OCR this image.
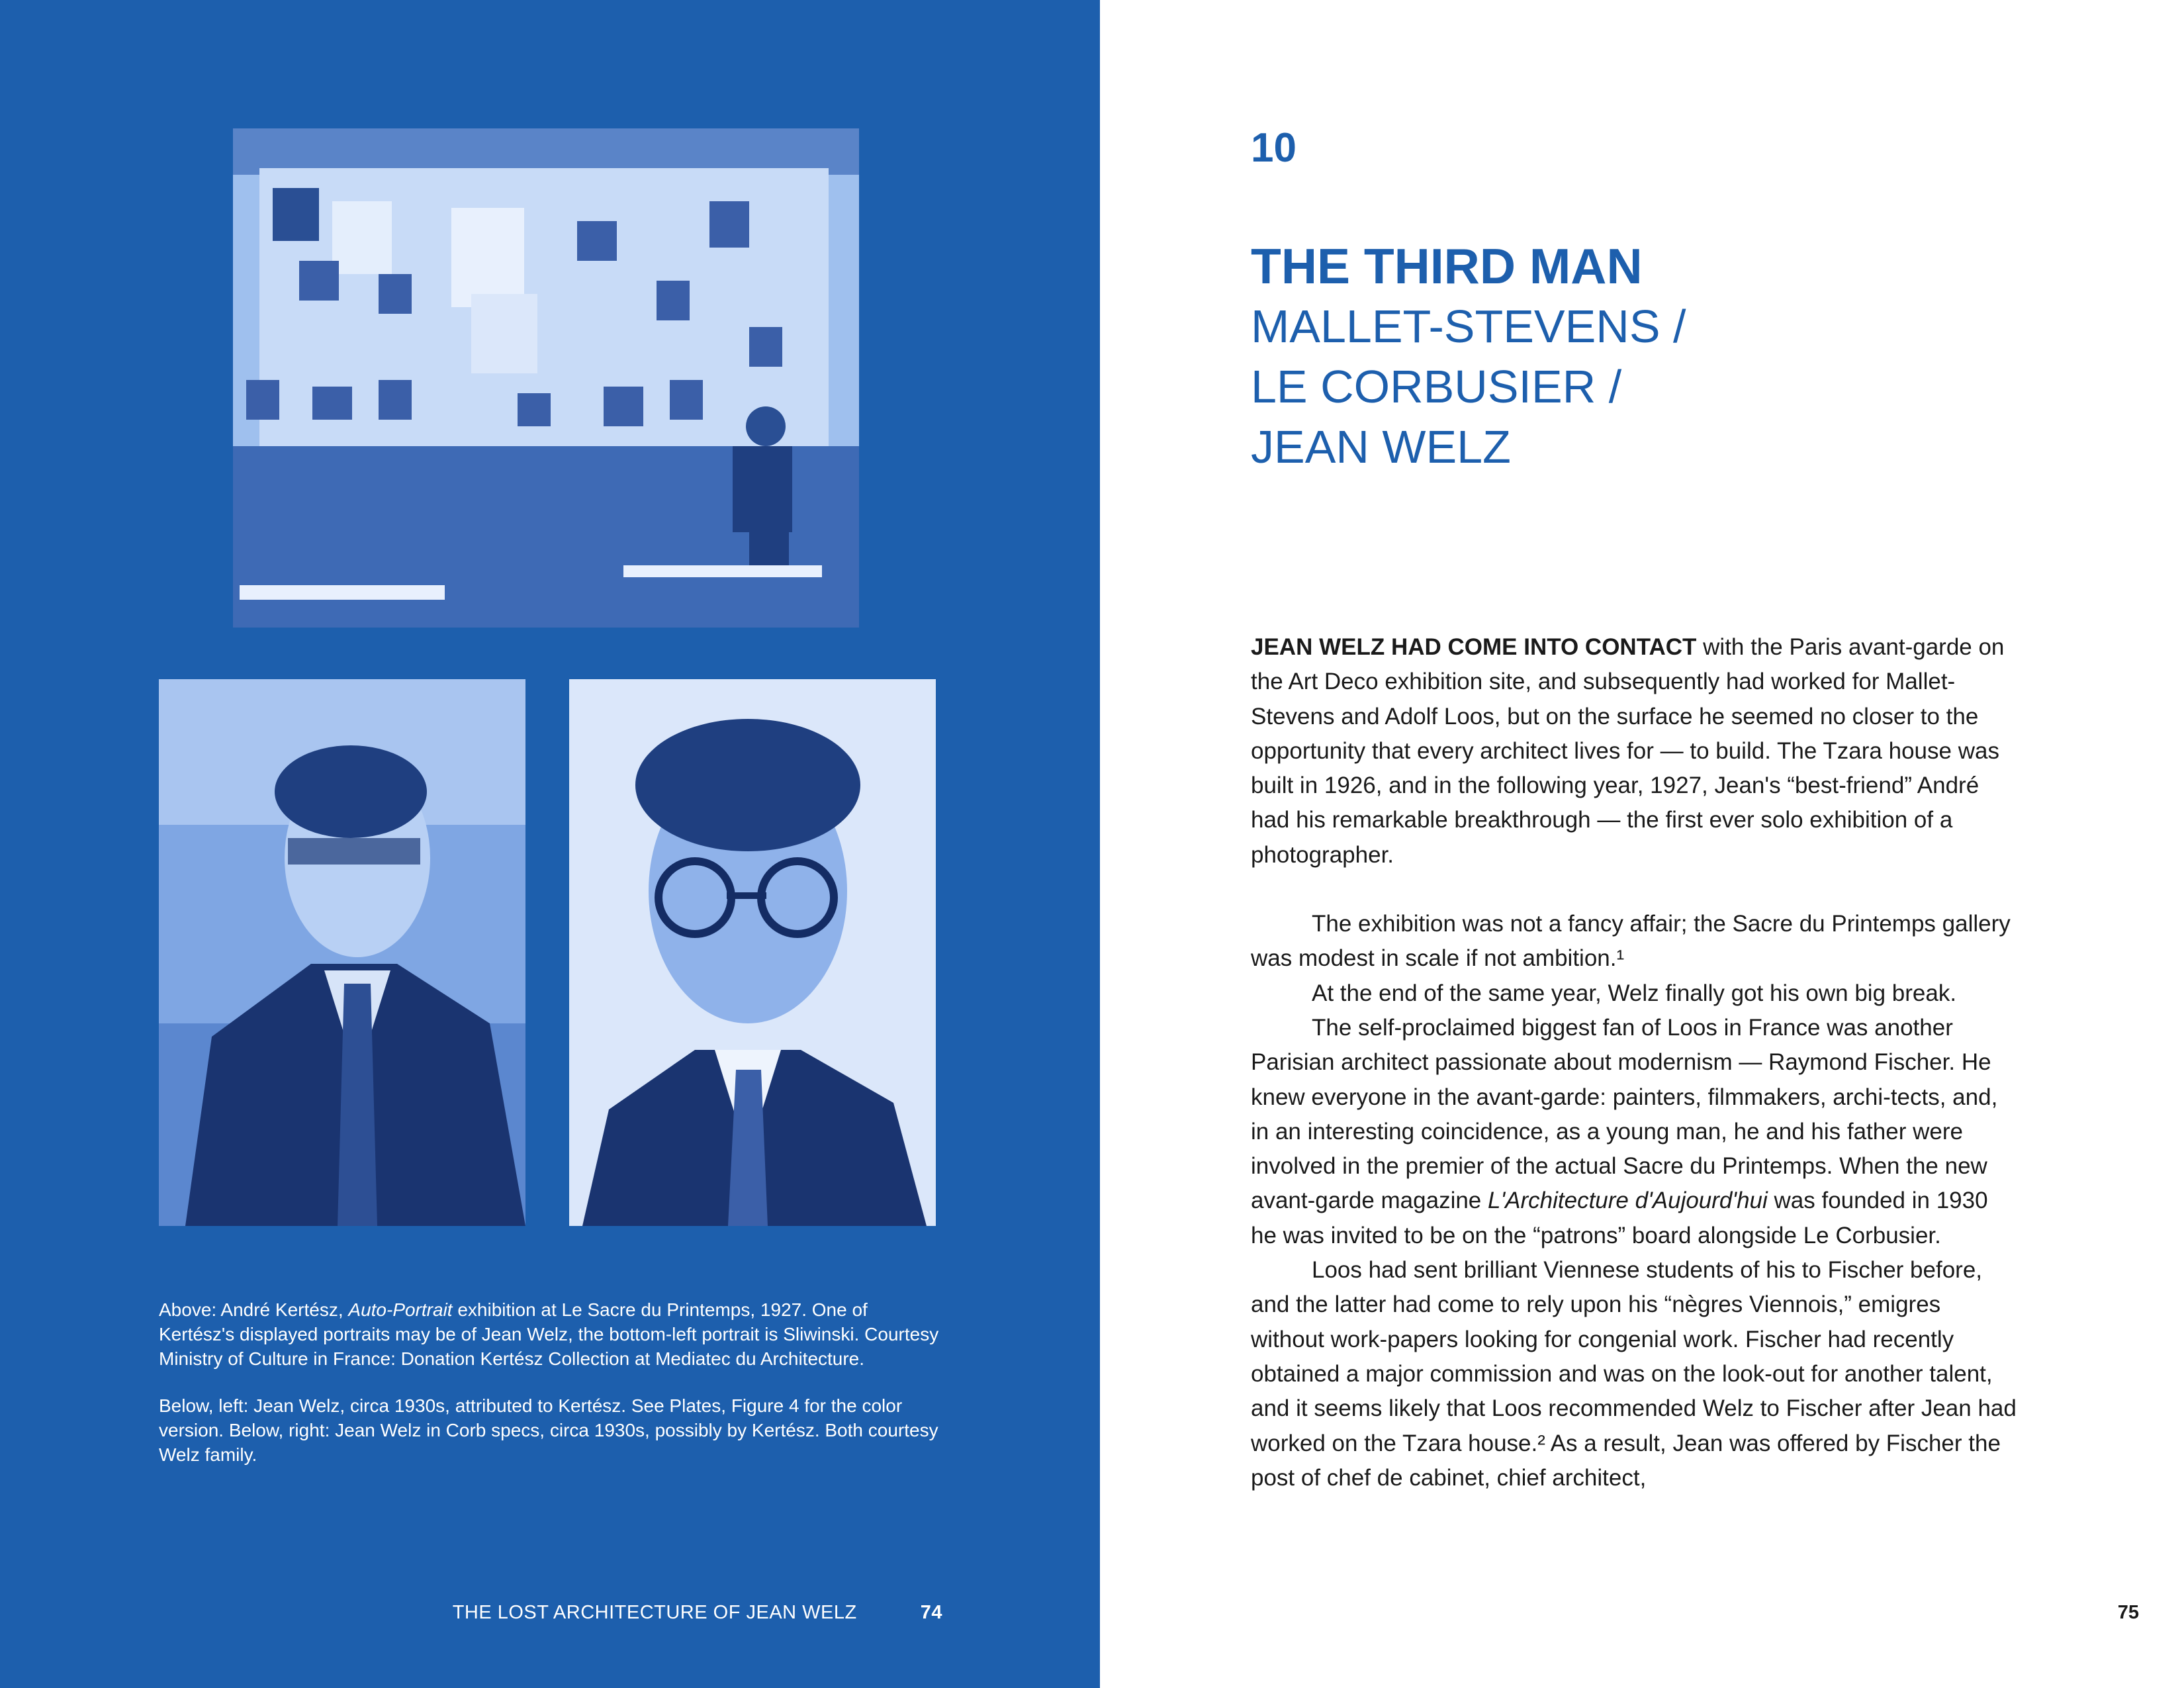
Above: André Kertész, Auto-Portrait exhibition at Le Sacre du Printemps, 1927. One of Kertész's displayed portraits may be of Jean Welz, the bottom-left portrait is Sliwinski. Courtesy Ministry of Culture in France: Donation Kertész Collection at Mediatec du Architecture.

Below, left: Jean Welz, circa 1930s, attributed to Kertész. See Plates, Figure 4 for the color version. Below, right: Jean Welz in Corb specs, circa 1930s, possibly by Kertész. Both courtesy Welz family.

THE LOST ARCHITECTURE OF JEAN WELZ	74	75
10
THE THIRD MAN
MALLET-STEVENS /
LE CORBUSIER /
JEAN WELZ

JEAN WELZ HAD COME INTO CONTACT with the Paris avant-garde on the Art Deco exhibition site, and subsequently had worked for Mallet-Stevens and Adolf Loos, but on the surface he seemed no closer to the opportunity that every architect lives for — to build. The Tzara house was built in 1926, and in the following year, 1927, Jean's “best-friend” André had his remarkable breakthrough — the first ever solo exhibition of a photographer.

The exhibition was not a fancy affair; the Sacre du Printemps gallery was modest in scale if not ambition.¹

At the end of the same year, Welz finally got his own big break.

The self-proclaimed biggest fan of Loos in France was another Parisian architect passionate about modernism — Raymond Fischer. He knew everyone in the avant-garde: painters, filmmakers, archi-tects, and, in an interesting coincidence, as a young man, he and his father were involved in the premier of the actual Sacre du Printemps. When the new avant-garde magazine L'Architecture d'Aujourd'hui was founded in 1930 he was invited to be on the “patrons” board alongside Le Corbusier.

Loos had sent brilliant Viennese students of his to Fischer before, and the latter had come to rely upon his “nègres Viennois,” emigres without work-papers looking for congenial work. Fischer had recently obtained a major commission and was on the look-out for another talent, and it seems likely that Loos recommended Welz to Fischer after Jean had worked on the Tzara house.² As a result, Jean was offered by Fischer the post of chef de cabinet, chief architect,
